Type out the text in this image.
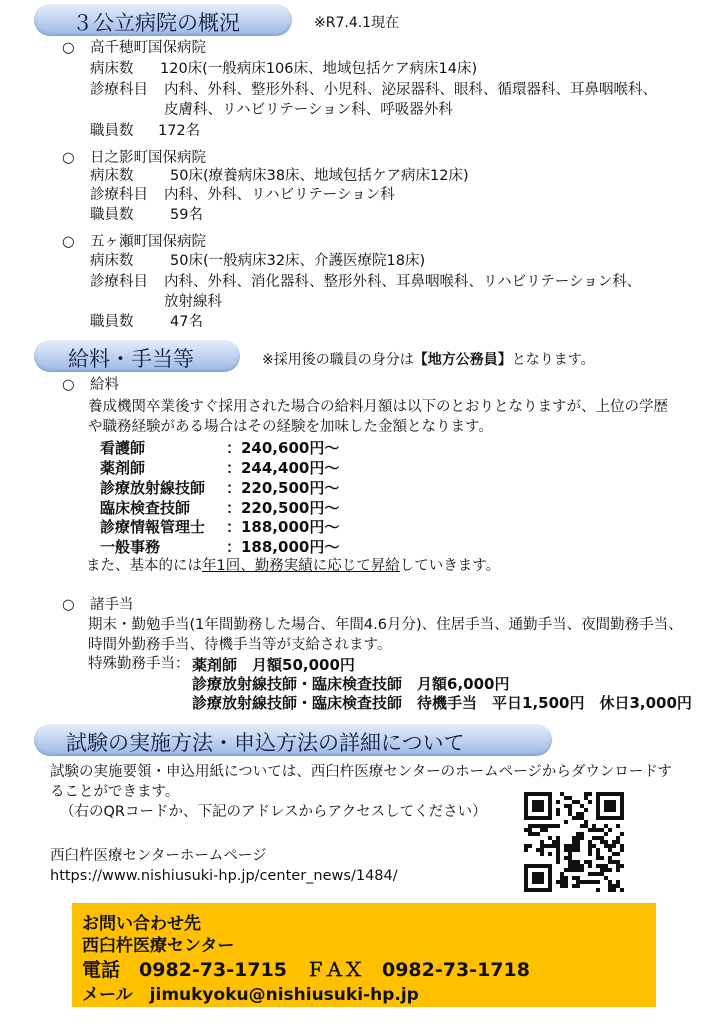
３公立病院の概況	※R7.4.1現在
○ 高千穂町国保病院
病床数 120床(一般病床106床、地域包括ケア病床14床)
診療科目 内科、外科、整形外科、小児科、泌尿器科、眼科、循環器科、耳鼻咽喉科、
皮膚科、リハビリテーション科、呼吸器外科
職員数 172名
○ 日之影町国保病院
病床数	50床(療養病床38床、地域包括ケア病床12床)
診療科目 内科、外科、リハビリテーション科
職員数	59名
○ 五ヶ瀬町国保病院
病床数	50床(一般病床32床、介護医療院18床)
診療科目 内科、外科、消化器科、整形外科、耳鼻咽喉科、リハビリテーション科、
放射線科
職員数	47名
給料・手当等	※採用後の職員の身分は【地方公務員】となります。
○ 給料
養成機関卒業後すぐ採用された場合の給料月額は以下のとおりとなりますが、上位の学歴
や職務経験がある場合はその経験を加味した金額となります。
看護師	：240,600円～
薬剤師	：244,400円～
診療放射線技師 ：220,500円～
臨床検査技師 ：220,500円～
診療情報管理士 ：188,000円～
一般事務	：188,000円～
また、基本的には年1回、勤務実績に応じて昇給していきます。
○ 諸手当
期末・勤勉手当(1年間勤務した場合、年間4.6月分)、住居手当、通勤手当、夜間勤務手当、
時間外勤務手当、待機手当等が支給されます。
特殊勤務手当： 薬剤師　月額50,000円
診療放射線技師・臨床検査技師　月額6,000円
診療放射線技師・臨床検査技師　待機手当　平日1,500円　休日3,000円
試験の実施方法・申込方法の詳細について
試験の実施要領・申込用紙については、西臼杵医療センターのホームページからダウンロードす
ることができます。
（右のQRコードか、下記のアドレスからアクセスしてください）
西臼杵医療センターホームページ
https://www.nishiusuki-hp.jp/center_news/1484/
お問い合わせ先
西臼杵医療センター
電話　0982-73-1715　ＦＡＸ　0982-73-1718
メール　jimukyoku@nishiusuki-hp.jp
